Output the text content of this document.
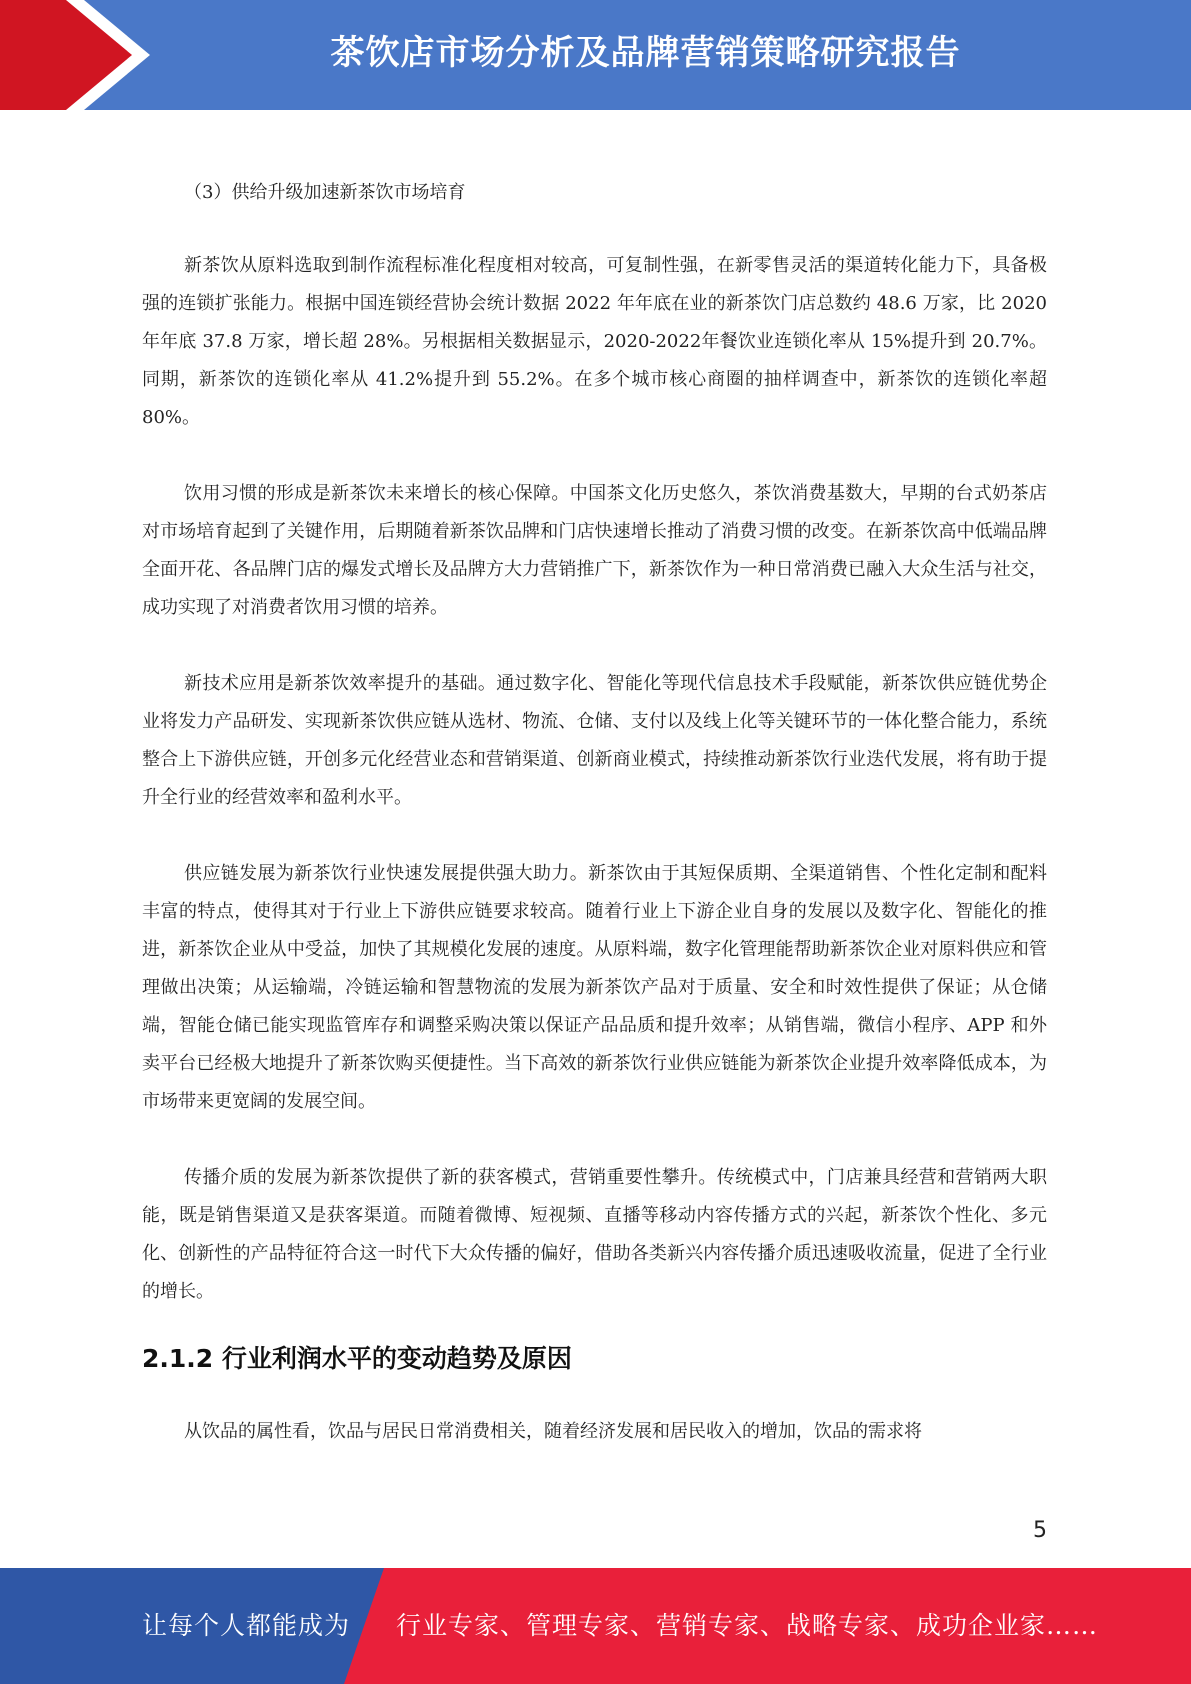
茶饮店市场分析及品牌营销策略研究报告
（3）供给升级加速新茶饮市场培育

新茶饮从原料选取到制作流程标准化程度相对较高，可复制性强，在新零售灵活的渠道转化能力下，具备极强的连锁扩张能力。根据中国连锁经营协会统计数据 2022 年年底在业的新茶饮门店总数约 48.6 万家，比 2020 年年底 37.8 万家，增长超 28%。另根据相关数据显示，2020-2022年餐饮业连锁化率从 15%提升到 20.7%。同期，新茶饮的连锁化率从 41.2%提升到 55.2%。在多个城市核心商圈的抽样调查中，新茶饮的连锁化率超 80%。

饮用习惯的形成是新茶饮未来增长的核心保障。中国茶文化历史悠久，茶饮消费基数大，早期的台式奶茶店对市场培育起到了关键作用，后期随着新茶饮品牌和门店快速增长推动了消费习惯的改变。在新茶饮高中低端品牌全面开花、各品牌门店的爆发式增长及品牌方大力营销推广下，新茶饮作为一种日常消费已融入大众生活与社交，成功实现了对消费者饮用习惯的培养。

新技术应用是新茶饮效率提升的基础。通过数字化、智能化等现代信息技术手段赋能，新茶饮供应链优势企业将发力产品研发、实现新茶饮供应链从选材、物流、仓储、支付以及线上化等关键环节的一体化整合能力，系统整合上下游供应链，开创多元化经营业态和营销渠道、创新商业模式，持续推动新茶饮行业迭代发展，将有助于提升全行业的经营效率和盈利水平。

供应链发展为新茶饮行业快速发展提供强大助力。新茶饮由于其短保质期、全渠道销售、个性化定制和配料丰富的特点，使得其对于行业上下游供应链要求较高。随着行业上下游企业自身的发展以及数字化、智能化的推进，新茶饮企业从中受益，加快了其规模化发展的速度。从原料端，数字化管理能帮助新茶饮企业对原料供应和管理做出决策；从运输端，冷链运输和智慧物流的发展为新茶饮产品对于质量、安全和时效性提供了保证；从仓储端，智能仓储已能实现监管库存和调整采购决策以保证产品品质和提升效率；从销售端，微信小程序、APP 和外卖平台已经极大地提升了新茶饮购买便捷性。当下高效的新茶饮行业供应链能为新茶饮企业提升效率降低成本，为市场带来更宽阔的发展空间。

传播介质的发展为新茶饮提供了新的获客模式，营销重要性攀升。传统模式中，门店兼具经营和营销两大职能，既是销售渠道又是获客渠道。而随着微博、短视频、直播等移动内容传播方式的兴起，新茶饮个性化、多元化、创新性的产品特征符合这一时代下大众传播的偏好，借助各类新兴内容传播介质迅速吸收流量，促进了全行业的增长。

2.1.2 行业利润水平的变动趋势及原因

从饮品的属性看，饮品与居民日常消费相关，随着经济发展和居民收入的增加，饮品的需求将

5
让每个人都能成为 行业专家、管理专家、营销专家、战略专家、成功企业家……
